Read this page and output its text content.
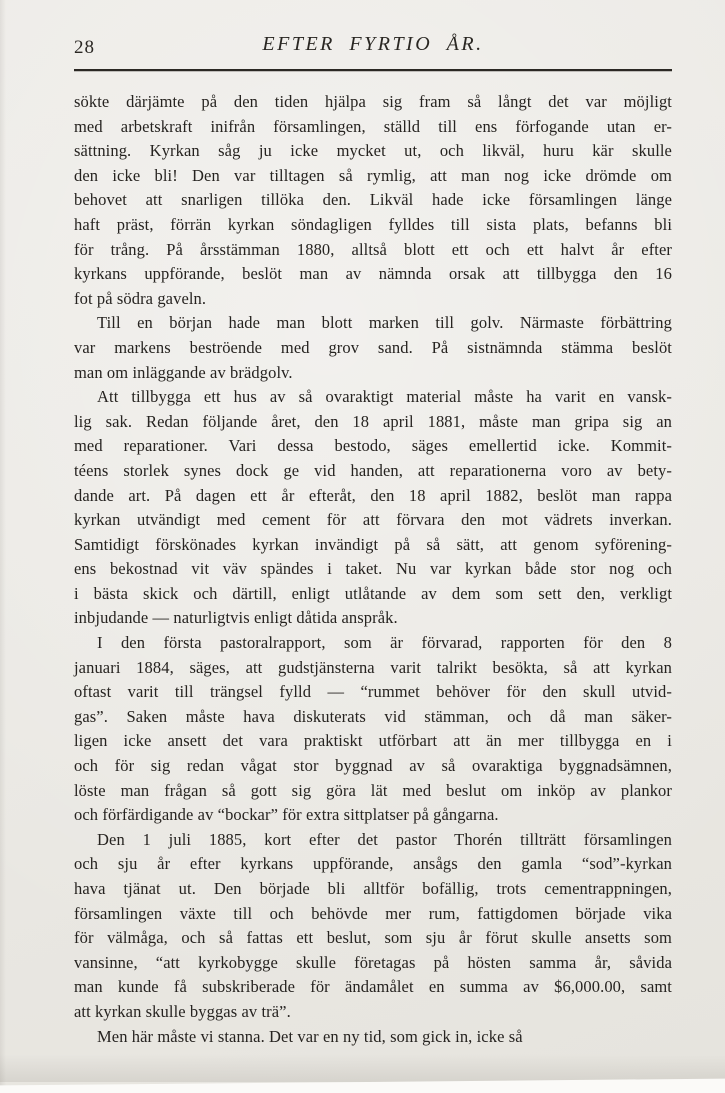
28	EFTER FYRTIO ÅR.
sökte därjämte på den tiden hjälpa sig fram så långt det var möjligt
med arbetskraft inifrån församlingen, ställd till ens förfogande utan er-
sättning. Kyrkan såg ju icke mycket ut, och likväl, huru kär skulle
den icke bli! Den var tilltagen så rymlig, att man nog icke drömde om
behovet att snarligen tillöka den. Likväl hade icke församlingen länge
haft präst, förrän kyrkan söndagligen fylldes till sista plats, befanns bli
för trång. På årsstämman 1880, alltså blott ett och ett halvt år efter
kyrkans uppförande, beslöt man av nämnda orsak att tillbygga den 16
fot på södra gaveln.
Till en början hade man blott marken till golv. Närmaste förbättring
var markens beströende med grov sand. På sistnämnda stämma beslöt
man om inläggande av brädgolv.
Att tillbygga ett hus av så ovaraktigt material måste ha varit en vansk-
lig sak. Redan följande året, den 18 april 1881, måste man gripa sig an
med reparationer. Vari dessa bestodo, säges emellertid icke. Kommit-
téens storlek synes dock ge vid handen, att reparationerna voro av bety-
dande art. På dagen ett år efteråt, den 18 april 1882, beslöt man rappa
kyrkan utvändigt med cement för att förvara den mot vädrets inverkan.
Samtidigt förskönades kyrkan invändigt på så sätt, att genom syförening-
ens bekostnad vit väv spändes i taket. Nu var kyrkan både stor nog och
i bästa skick och därtill, enligt utlåtande av dem som sett den, verkligt
inbjudande — naturligtvis enligt dåtida anspråk.
I den första pastoralrapport, som är förvarad, rapporten för den 8
januari 1884, säges, att gudstjänsterna varit talrikt besökta, så att kyrkan
oftast varit till trängsel fylld — “rummet behöver för den skull utvid-
gas”. Saken måste hava diskuterats vid stämman, och då man säker-
ligen icke ansett det vara praktiskt utförbart att än mer tillbygga en i
och för sig redan vågat stor byggnad av så ovaraktiga byggnadsämnen,
löste man frågan så gott sig göra lät med beslut om inköp av plankor
och förfärdigande av “bockar” för extra sittplatser på gångarna.
Den 1 juli 1885, kort efter det pastor Thorén tillträtt församlingen
och sju år efter kyrkans uppförande, ansågs den gamla “sod”-kyrkan
hava tjänat ut. Den började bli alltför bofällig, trots cementrappningen,
församlingen växte till och behövde mer rum, fattigdomen började vika
för välmåga, och så fattas ett beslut, som sju år förut skulle ansetts som
vansinne, “att kyrkobygge skulle företagas på hösten samma år, såvida
man kunde få subskriberade för ändamålet en summa av $6,000.00, samt
att kyrkan skulle byggas av trä”.
Men här måste vi stanna. Det var en ny tid, som gick in, icke så
